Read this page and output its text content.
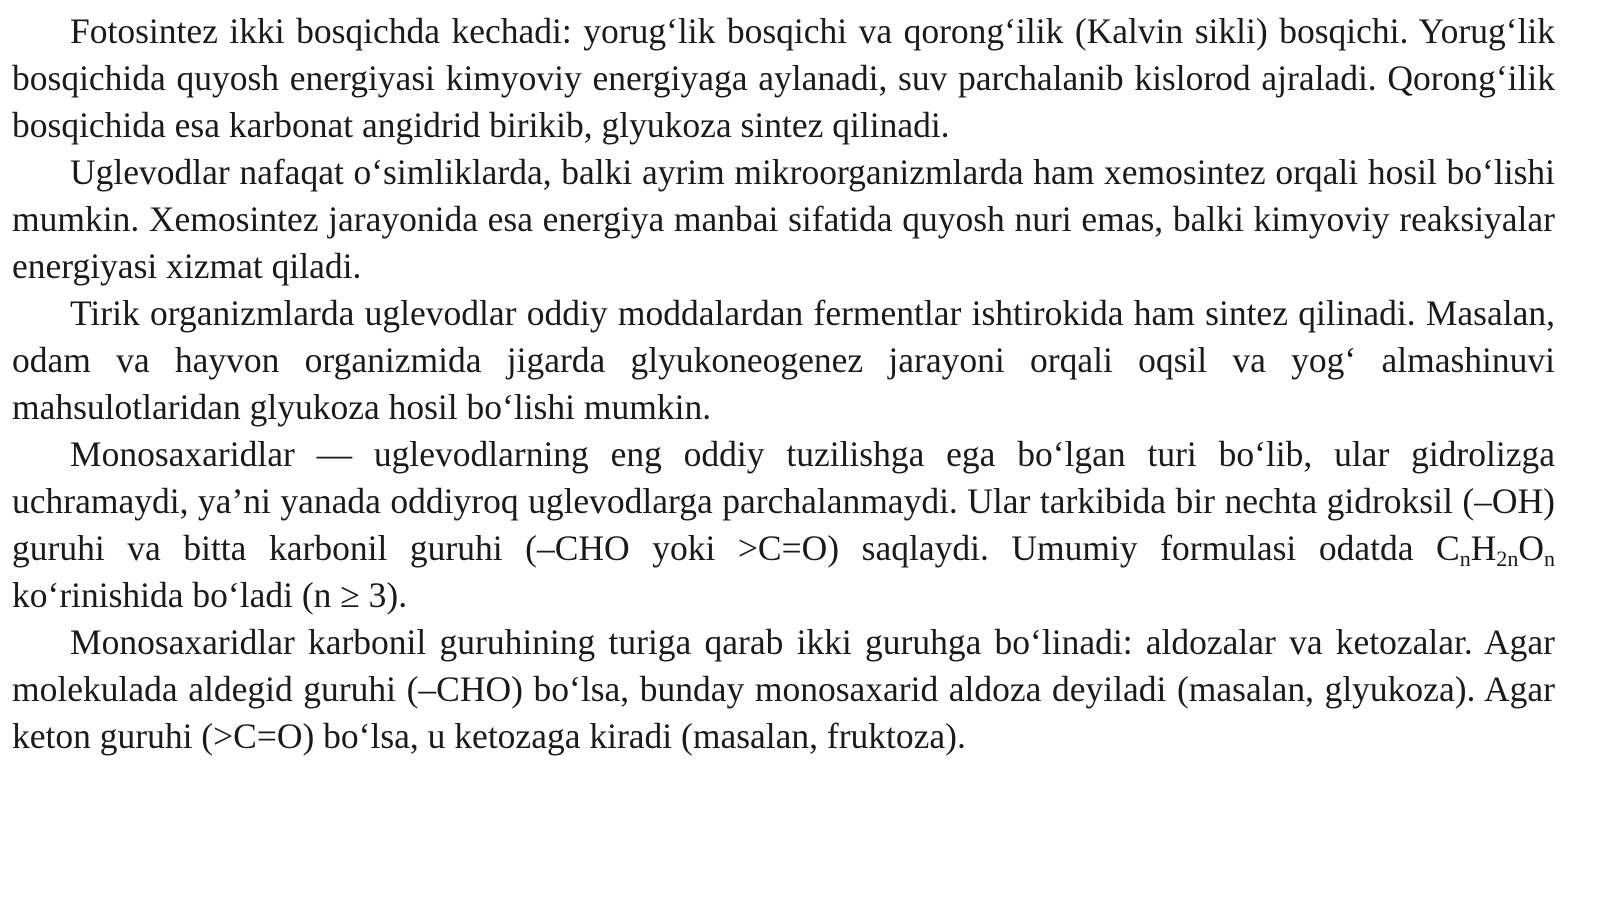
Fotosintez ikki bosqichda kechadi: yorug‘lik bosqichi va qorong‘ilik (Kalvin sikli) bosqichi. Yorug‘lik bosqichida quyosh energiyasi kimyoviy energiyaga aylanadi, suv parchalanib kislorod ajraladi. Qorong‘ilik bosqichida esa karbonat angidrid birikib, glyukoza sintez qilinadi.

Uglevodlar nafaqat o‘simliklarda, balki ayrim mikroorganizmlarda ham xemosintez orqali hosil bo‘lishi mumkin. Xemosintez jarayonida esa energiya manbai sifatida quyosh nuri emas, balki kimyoviy reaksiyalar energiyasi xizmat qiladi.

Tirik organizmlarda uglevodlar oddiy moddalardan fermentlar ishtirokida ham sintez qilinadi. Masalan, odam va hayvon organizmida jigarda glyukoneogenez jarayoni orqali oqsil va yog‘ almashinuvi mahsulotlaridan glyukoza hosil bo‘lishi mumkin.

Monosaxaridlar — uglevodlarning eng oddiy tuzilishga ega bo‘lgan turi bo‘lib, ular gidrolizga uchramaydi, ya’ni yanada oddiyroq uglevodlarga parchalanmaydi. Ular tarkibida bir nechta gidroksil (–OH) guruhi va bitta karbonil guruhi (–CHO yoki >C=O) saqlaydi. Umumiy formulasi odatda $C_nH_{2n}O_n$ ko‘rinishida bo‘ladi (n ≥ 3).

Monosaxaridlar karbonil guruhining turiga qarab ikki guruhga bo‘linadi: aldozalar va ketozalar. Agar molekulada aldegid guruhi (–CHO) bo‘lsa, bunday monosaxarid aldoza deyiladi (masalan, glyukoza). Agar keton guruhi (>C=O) bo‘lsa, u ketozaga kiradi (masalan, fruktoza).
